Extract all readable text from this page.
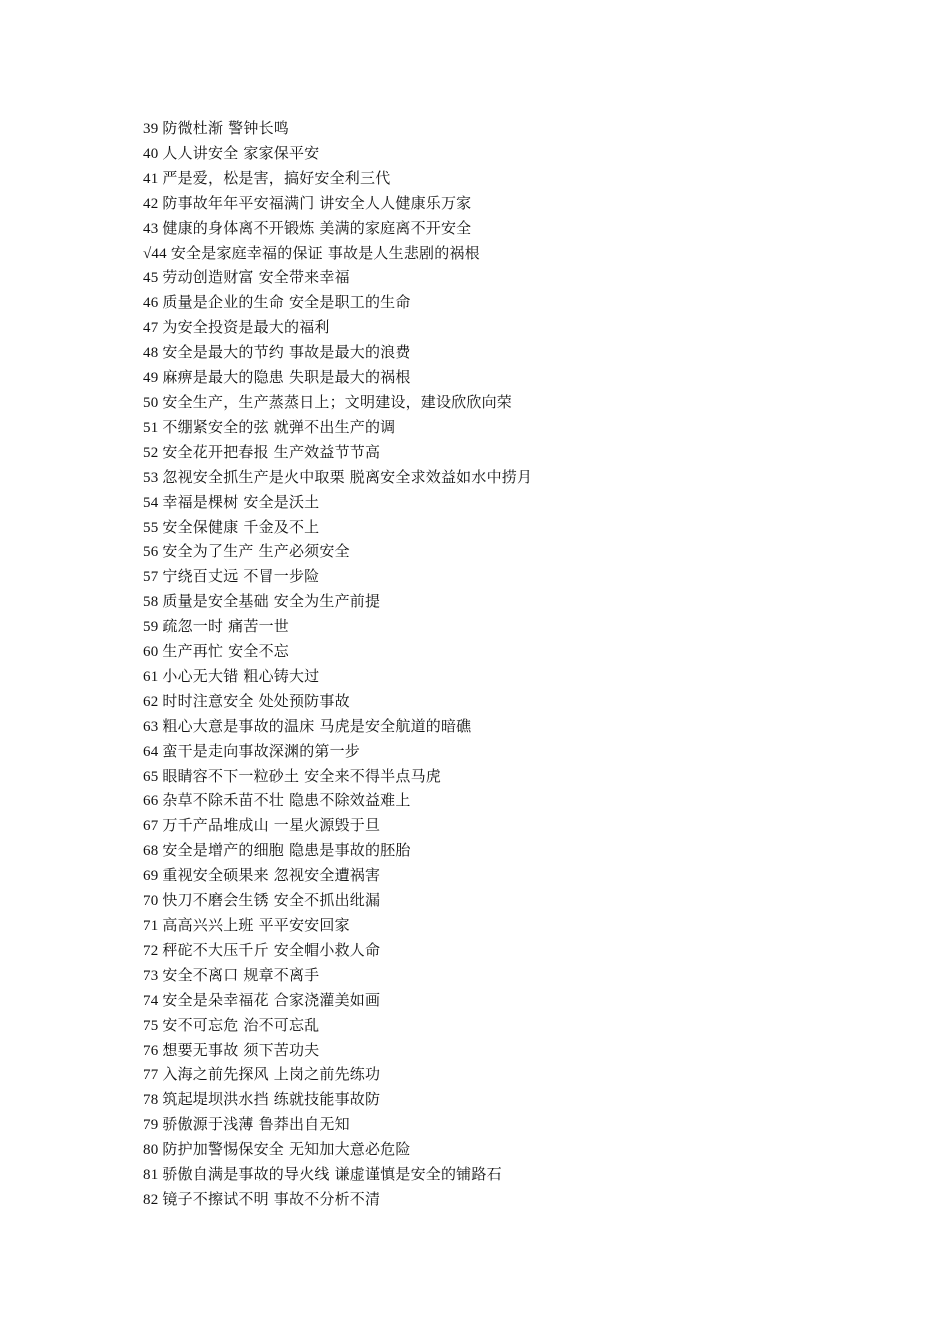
39 防微杜渐 警钟长鸣
40 人人讲安全 家家保平安
41 严是爱，松是害，搞好安全利三代
42 防事故年年平安福满门 讲安全人人健康乐万家
43 健康的身体离不开锻炼 美满的家庭离不开安全
√44 安全是家庭幸福的保证 事故是人生悲剧的祸根
45 劳动创造财富 安全带来幸福
46 质量是企业的生命 安全是职工的生命
47 为安全投资是最大的福利
48 安全是最大的节约 事故是最大的浪费
49 麻痹是最大的隐患 失职是最大的祸根
50 安全生产，生产蒸蒸日上；文明建设，建设欣欣向荣
51 不绷紧安全的弦 就弹不出生产的调
52 安全花开把春报 生产效益节节高
53 忽视安全抓生产是火中取栗 脱离安全求效益如水中捞月
54 幸福是棵树 安全是沃土
55 安全保健康 千金及不上
56 安全为了生产 生产必须安全
57 宁绕百丈远 不冒一步险
58 质量是安全基础 安全为生产前提
59 疏忽一时 痛苦一世
60 生产再忙 安全不忘
61 小心无大错 粗心铸大过
62 时时注意安全 处处预防事故
63 粗心大意是事故的温床 马虎是安全航道的暗礁
64 蛮干是走向事故深渊的第一步
65 眼睛容不下一粒砂土 安全来不得半点马虎
66 杂草不除禾苗不壮 隐患不除效益难上
67 万千产品堆成山 一星火源毁于旦
68 安全是增产的细胞 隐患是事故的胚胎
69 重视安全硕果来 忽视安全遭祸害
70 快刀不磨会生锈 安全不抓出纰漏
71 高高兴兴上班 平平安安回家
72 秤砣不大压千斤 安全帽小救人命
73 安全不离口 规章不离手
74 安全是朵幸福花 合家浇灌美如画
75 安不可忘危 治不可忘乱
76 想要无事故 须下苦功夫
77 入海之前先探风 上岗之前先练功
78 筑起堤坝洪水挡 练就技能事故防
79 骄傲源于浅薄 鲁莽出自无知
80 防护加警惕保安全 无知加大意必危险
81 骄傲自满是事故的导火线 谦虚谨慎是安全的铺路石
82 镜子不擦试不明 事故不分析不清
